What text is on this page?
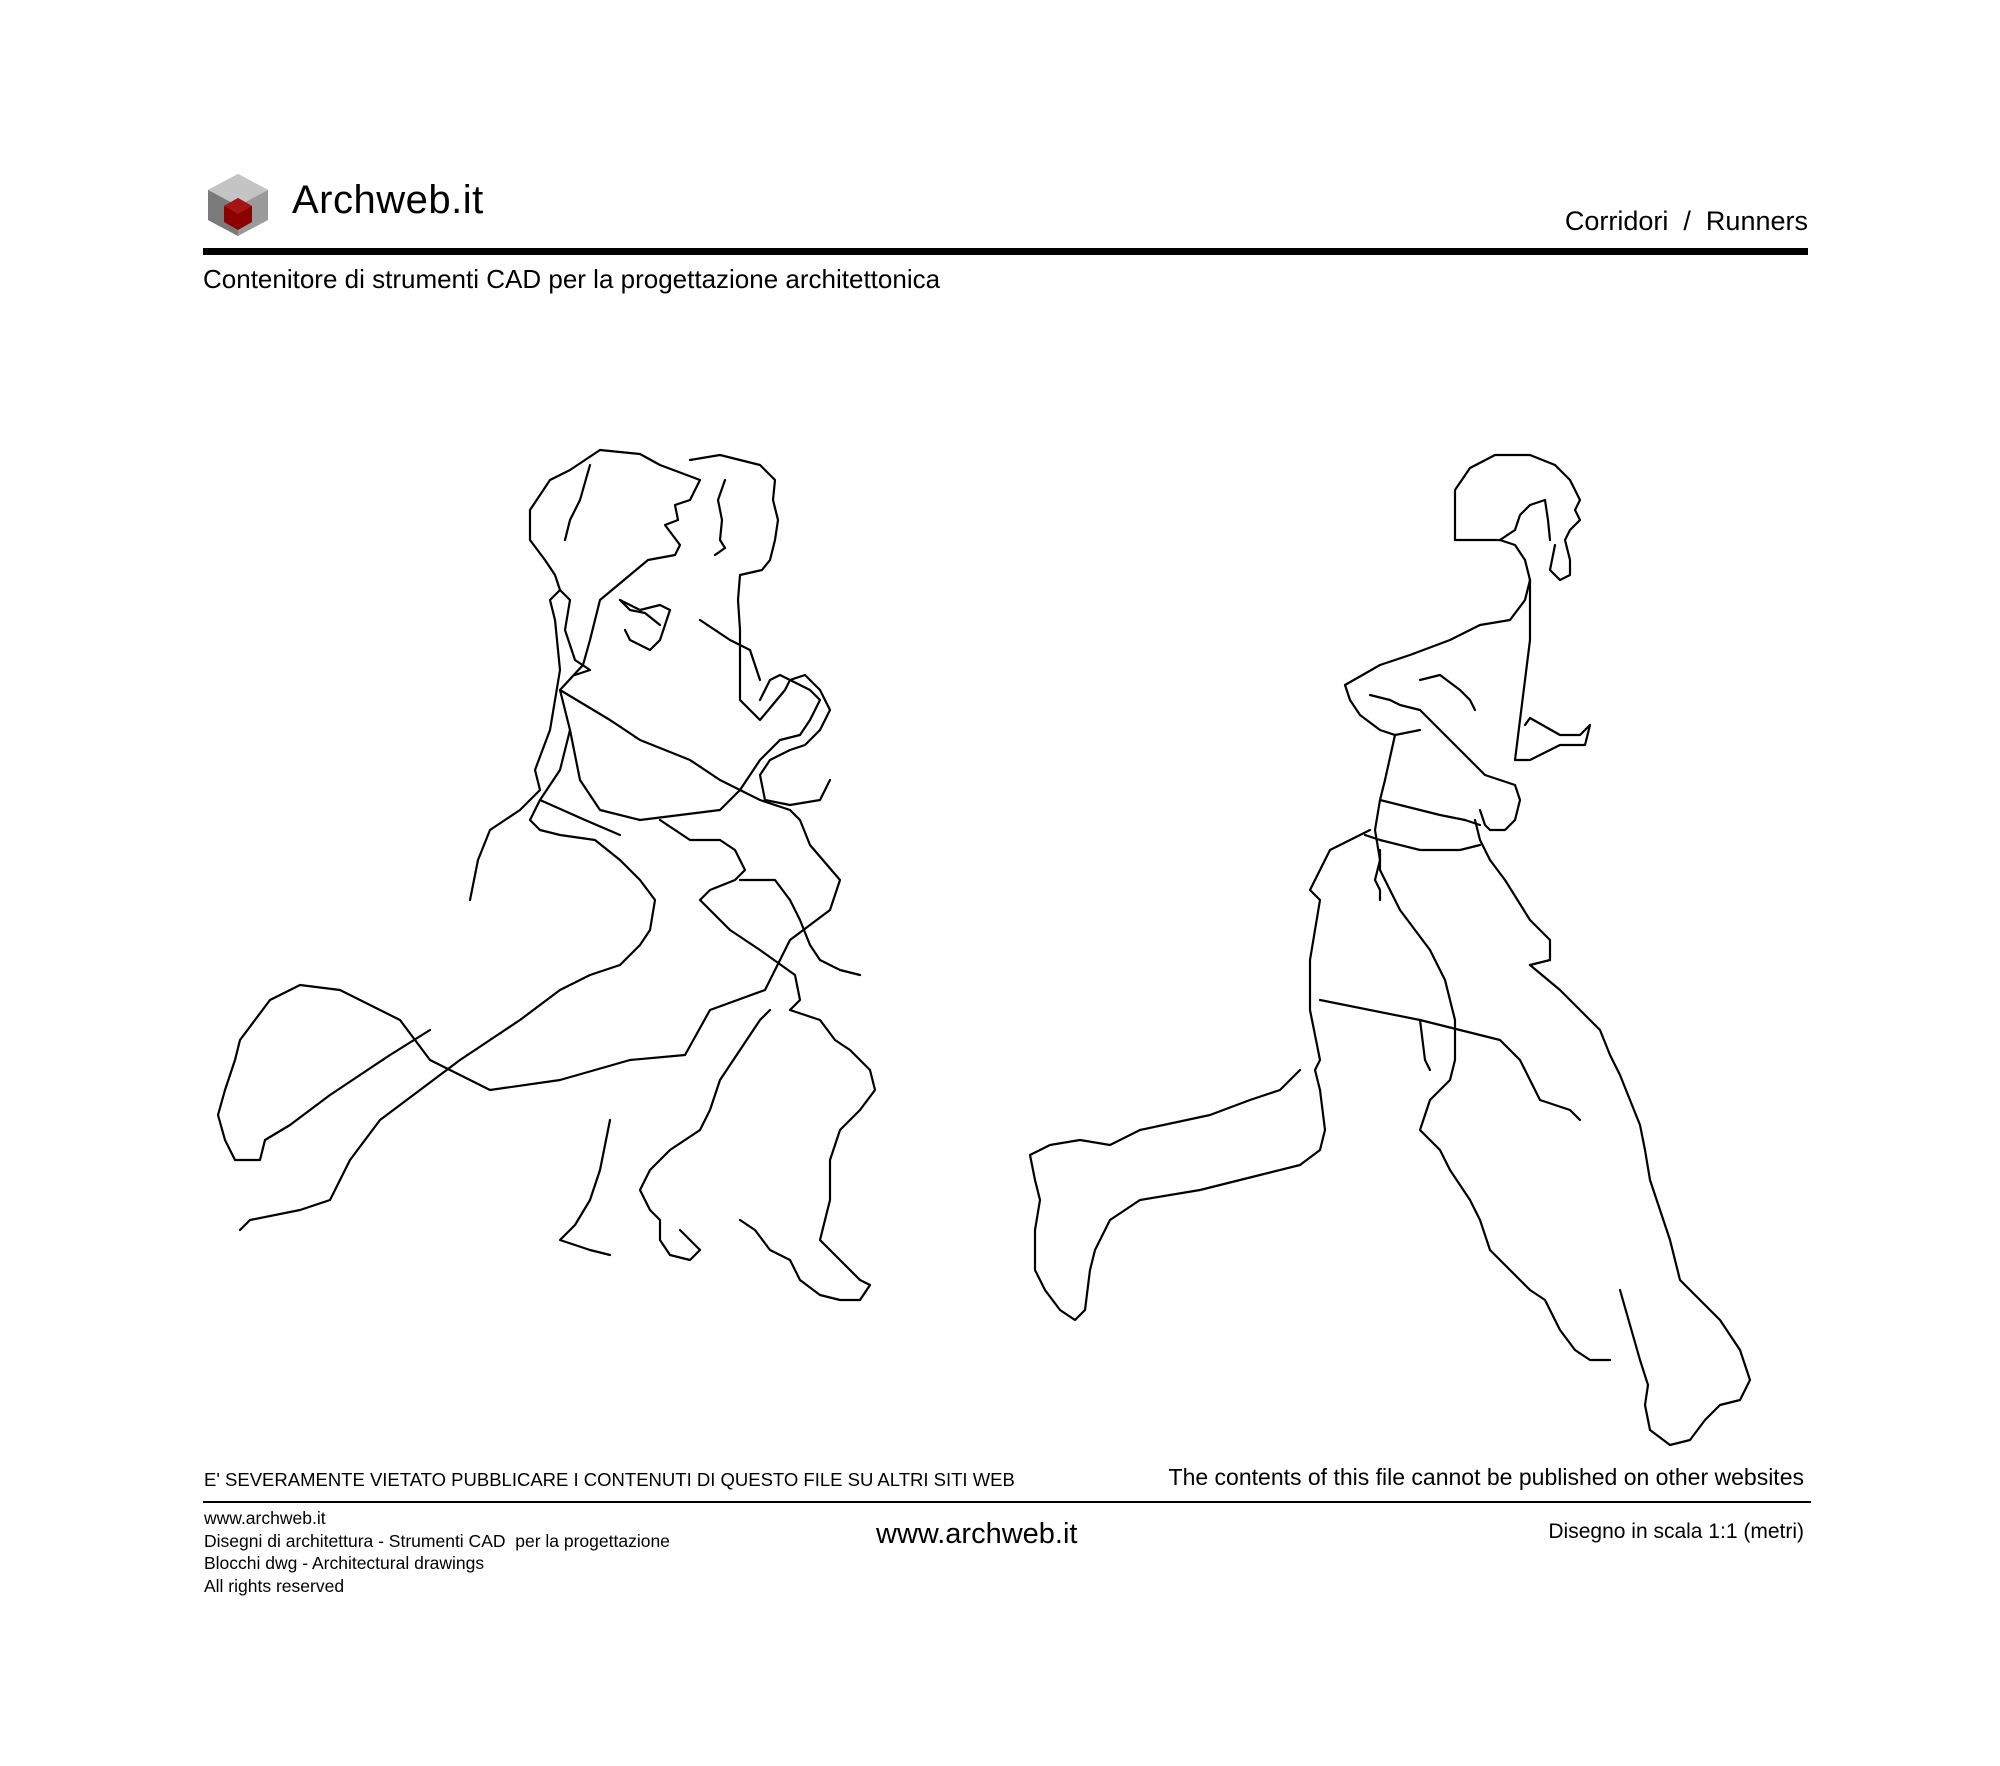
Archweb.it	Corridori  /  Runners
Contenitore di strumenti CAD per la progettazione architettonica
E' SEVERAMENTE VIETATO PUBBLICARE I CONTENUTI DI QUESTO FILE SU ALTRI SITI WEB	The contents of this file cannot be published on other websites
www.archweb.it
Disegni di architettura - Strumenti CAD  per la progettazione
Blocchi dwg - Architectural drawings
All rights reserved
www.archweb.it	Disegno in scala 1:1 (metri)
